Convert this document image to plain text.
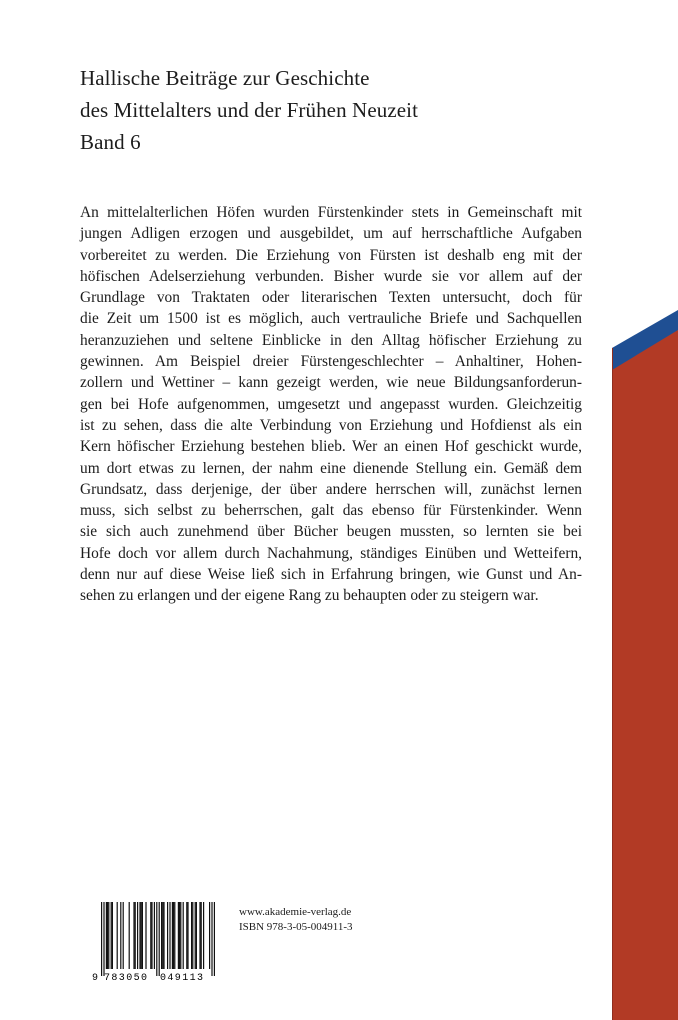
Hallische Beiträge zur Geschichte
des Mittelalters und der Frühen Neuzeit
Band 6
An mittelalterlichen Höfen wurden Fürstenkinder stets in Gemeinschaft mit
jungen Adligen erzogen und ausgebildet, um auf herrschaftliche Aufgaben
vorbereitet zu werden. Die Erziehung von Fürsten ist deshalb eng mit der
höfischen Adelserziehung verbunden. Bisher wurde sie vor allem auf der
Grundlage von Traktaten oder literarischen Texten untersucht, doch für
die Zeit um 1500 ist es möglich, auch vertrauliche Briefe und Sachquellen
heranzuziehen und seltene Einblicke in den Alltag höfischer Erziehung zu
gewinnen. Am Beispiel dreier Fürstengeschlechter – Anhaltiner, Hohen-
zollern und Wettiner – kann gezeigt werden, wie neue Bildungsanforderun-
gen bei Hofe aufgenommen, umgesetzt und angepasst wurden. Gleichzeitig
ist zu sehen, dass die alte Verbindung von Erziehung und Hofdienst als ein
Kern höfischer Erziehung bestehen blieb. Wer an einen Hof geschickt wurde,
um dort etwas zu lernen, der nahm eine dienende Stellung ein. Gemäß dem
Grundsatz, dass derjenige, der über andere herrschen will, zunächst lernen
muss, sich selbst zu beherrschen, galt das ebenso für Fürstenkinder. Wenn
sie sich auch zunehmend über Bücher beugen mussten, so lernten sie bei
Hofe doch vor allem durch Nachahmung, ständiges Einüben und Wetteifern,
denn nur auf diese Weise ließ sich in Erfahrung bringen, wie Gunst und An-
sehen zu erlangen und der eigene Rang zu behaupten oder zu steigern war.
9 783050 049113
www.akademie-verlag.de
ISBN 978-3-05-004911-3
